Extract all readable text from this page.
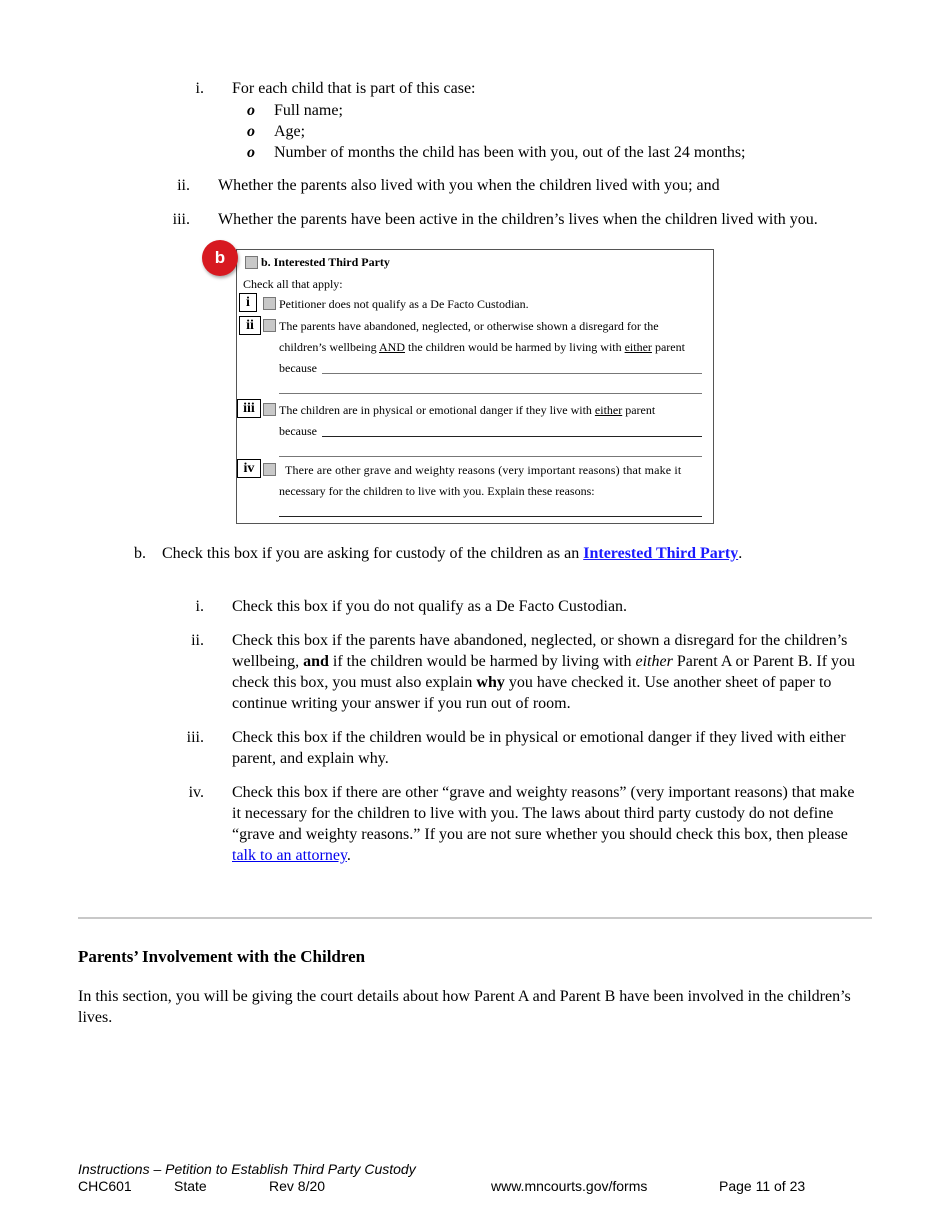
i. For each child that is part of this case:
o Full name;
o Age;
o Number of months the child has been with you, out of the last 24 months;
ii. Whether the parents also lived with you when the children lived with you; and
iii. Whether the parents have been active in the children’s lives when the children lived with you.
b. Interested Third Party
Check all that apply:
i	Petitioner does not qualify as a De Facto Custodian.
ii	The parents have abandoned, neglected, or otherwise shown a disregard for the
children’s wellbeing AND the children would be harmed by living with either parent
because
iii	The children are in physical or emotional danger if they live with either parent
because
iv	There are other grave and weighty reasons (very important reasons) that make it
necessary for the children to live with you. Explain these reasons:
b
b. Check this box if you are asking for custody of the children as an Interested Third Party.
i. Check this box if you do not qualify as a De Facto Custodian.
ii. Check this box if the parents have abandoned, neglected, or shown a disregard for the children’s wellbeing, and if the children would be harmed by living with either Parent A or Parent B. If you check this box, you must also explain why you have checked it. Use another sheet of paper to continue writing your answer if you run out of room.
iii. Check this box if the children would be in physical or emotional danger if they lived with either parent, and explain why.
iv. Check this box if there are other “grave and weighty reasons” (very important reasons) that make it necessary for the children to live with you. The laws about third party custody do not define “grave and weighty reasons.” If you are not sure whether you should check this box, then please talk to an attorney.
Parents’ Involvement with the Children
In this section, you will be giving the court details about how Parent A and Parent B have been involved in the children’s lives.
Instructions – Petition to Establish Third Party Custody
CHC601	State	Rev 8/20	www.mncourts.gov/forms	Page 11 of 23
